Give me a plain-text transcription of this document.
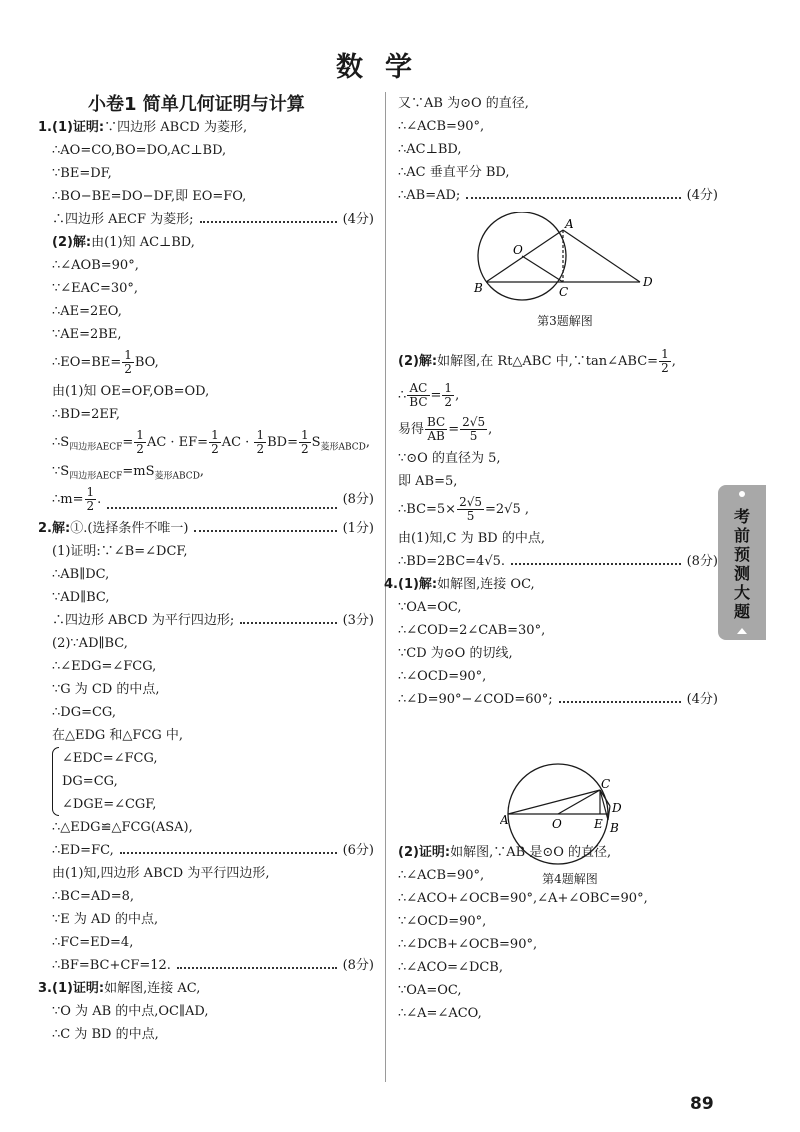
数学
小卷1 简单几何证明与计算
1. (1)证明:∵四边形 ABCD 为菱形,
∴AO=CO,BO=DO,AC⊥BD,
∵BE=DF,
∴BO−BE=DO−DF,即 EO=FO,
∴四边形 AECF 为菱形;	(4分)
(2)解:由(1)知 AC⊥BD,
∴∠AOB=90°,
∵∠EAC=30°,
∴AE=2EO,
∵AE=2BE,
∴EO=BE= $\frac{1}{2}$ BO,
由(1)知 OE=OF,OB=OD,
∴BD=2EF,
$\therefore S_{四边形AECF}= \frac{1}{2}$ AC · $EF= \frac{1}{2}$ AC · $\frac{1}{2} BD= \frac{1}{2} S_{菱形ABCD}$,
$\because S_{四边形AECF}=mS_{菱形ABCD}$,
∴m= $\frac{1}{2}$ .	(8分)
2. 解:①.(选择条件不唯一)	(1分)
(1)证明:∵∠B=∠DCF,
∴AB∥DC,
∵AD∥BC,
∴四边形 ABCD 为平行四边形;	(3分)
(2)∵AD∥BC,
∴∠EDG=∠FCG,
∵G 为 CD 的中点,
∴DG=CG,
在△EDG 和△FCG 中,
∠EDC=∠FCG,
DG=CG,
∠DGE=∠CGF,
∴△EDG≌△FCG(ASA),
∴ED=FC,	(6分)
由(1)知,四边形 ABCD 为平行四边形,
∴BC=AD=8,
∵E 为 AD 的中点,
∴FC=ED=4,
∴BF=BC+CF=12.	(8分)
3. (1)证明:如解图,连接 AC,
∵O 为 AB 的中点,OC∥AD,
∴C 为 BD 的中点,
又∵AB 为⊙O 的直径,
∴∠ACB=90°,
∴AC⊥BD,
∴AC 垂直平分 BD,
∴AB=AD;	(4分)
(2)解:如解图,在 Rt△ABC 中,∵tan∠ABC= $\frac{1}{2}$ ,
∴ $\frac{AC}{BC} = \frac{1}{2}$ ,
易得 $\frac{BC}{AB} = \frac{2√5}{5}$ ,
∵⊙O 的直径为 5,
即 AB=5,
∴BC=5× $\frac{2√5}{5} =2√5$ ,
由(1)知,C 为 BD 的中点,
∴BD=2BC=4√5.	(8分)
4. (1)解:如解图,连接 OC,
∵OA=OC,
∴∠COD=2∠CAB=30°,
∵CD 为⊙O 的切线,
∴∠OCD=90°,
∴∠D=90°−∠COD=60°;	(4分)
(2)证明:如解图,∵AB 是⊙O 的直径,
∴∠ACB=90°,
∴∠ACO+∠OCB=90°,∠A+∠OBC=90°,
∵∠OCD=90°,
∴∠DCB+∠OCB=90°,
∴∠ACO=∠DCB,
∵OA=OC,
∴∠A=∠ACO,
A
O
B	C
D
第3题解图
A	O
C
D
E B
第4题解图
考
前
预
测
大
题
89
